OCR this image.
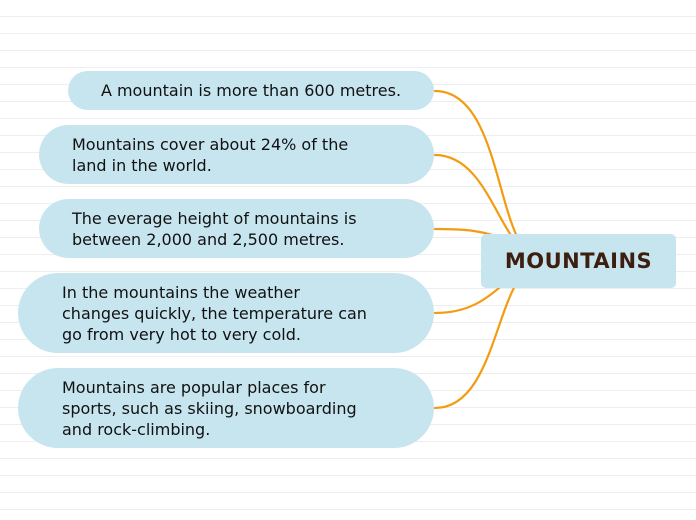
MOUNTAINS
A mountain is more than 600 metres.
Mountains cover about 24% of the
land in the world.
The everage height of mountains is
between 2,000 and 2,500 metres.
In the mountains the weather
changes quickly, the temperature can
go from very hot to very cold.
Mountains are popular places for
sports, such as skiing, snowboarding
and rock-climbing.
